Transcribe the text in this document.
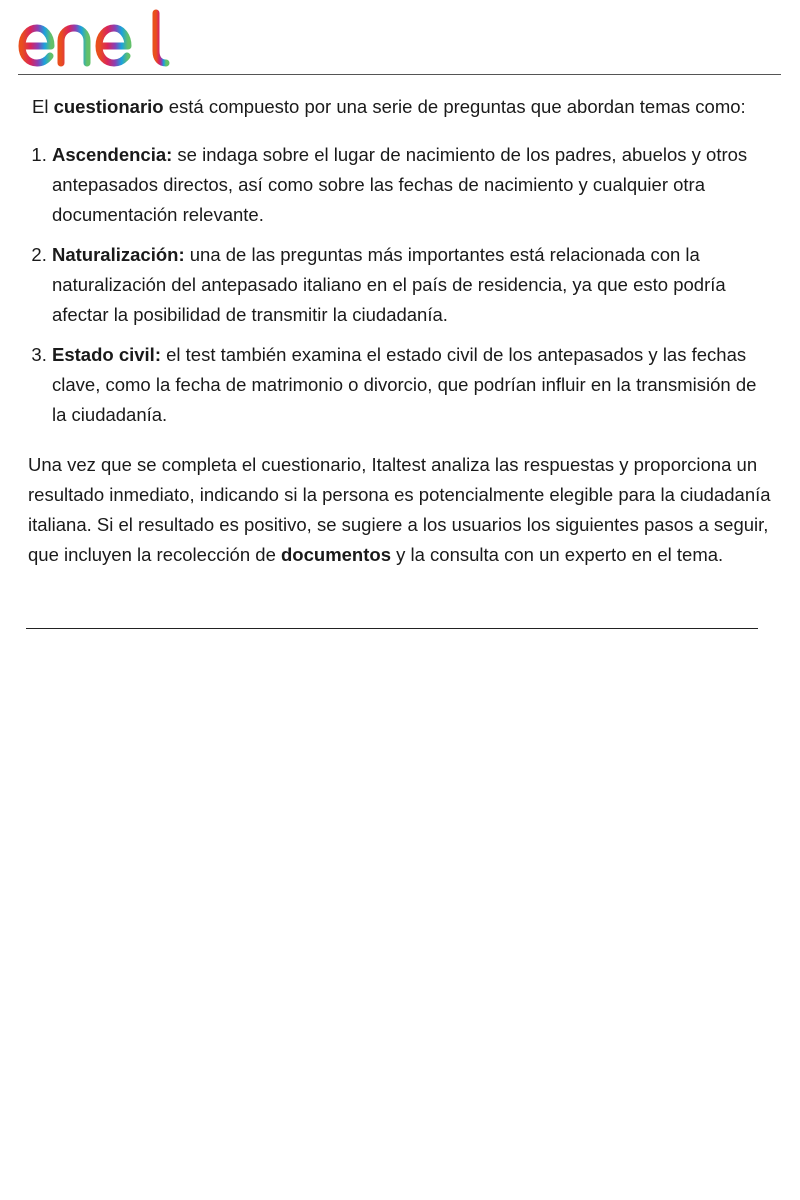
El cuestionario está compuesto por una serie de preguntas que abordan temas como:

1. Ascendencia: se indaga sobre el lugar de nacimiento de los padres, abuelos y otros antepasados directos, así como sobre las fechas de nacimiento y cualquier otra documentación relevante.
2. Naturalización: una de las preguntas más importantes está relacionada con la naturalización del antepasado italiano en el país de residencia, ya que esto podría afectar la posibilidad de transmitir la ciudadanía.
3. Estado civil: el test también examina el estado civil de los antepasados y las fechas clave, como la fecha de matrimonio o divorcio, que podrían influir en la transmisión de la ciudadanía.

Una vez que se completa el cuestionario, Italtest analiza las respuestas y proporciona un resultado inmediato, indicando si la persona es potencialmente elegible para la ciudadanía italiana. Si el resultado es positivo, se sugiere a los usuarios los siguientes pasos a seguir, que incluyen la recolección de documentos y la consulta con un experto en el tema.
